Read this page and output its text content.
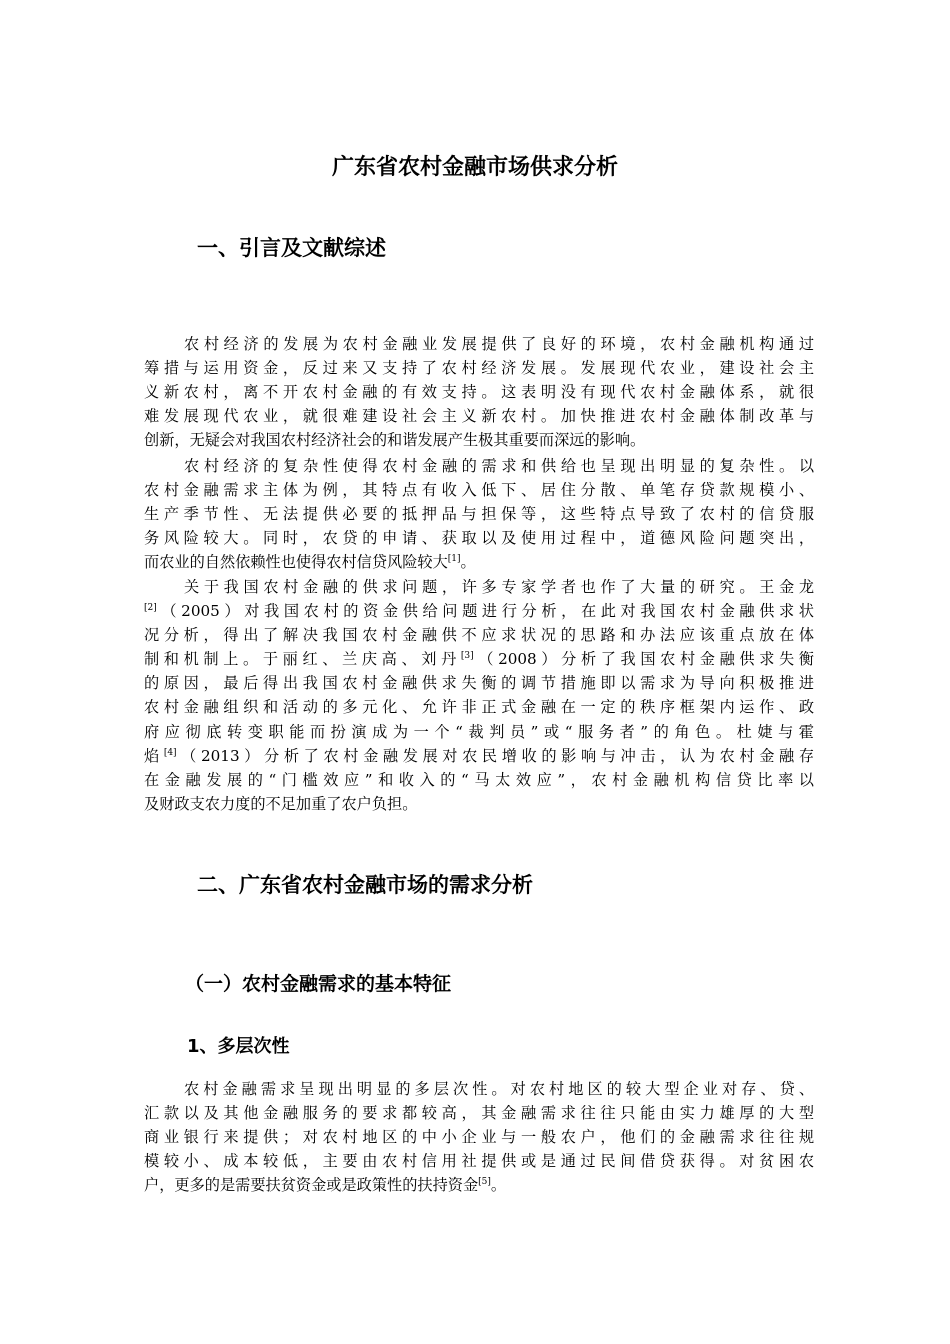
广东省农村金融市场供求分析
一、引言及文献综述
农村经济的发展为农村金融业发展提供了良好的环境，农村金融机构通过
筹措与运用资金，反过来又支持了农村经济发展。发展现代农业，建设社会主
义新农村，离不开农村金融的有效支持。这表明没有现代农村金融体系，就很
难发展现代农业，就很难建设社会主义新农村。加快推进农村金融体制改革与
创新，无疑会对我国农村经济社会的和谐发展产生极其重要而深远的影响。
农村经济的复杂性使得农村金融的需求和供给也呈现出明显的复杂性。以
农村金融需求主体为例，其特点有收入低下、居住分散、单笔存贷款规模小、
生产季节性、无法提供必要的抵押品与担保等，这些特点导致了农村的信贷服
务风险较大。同时，农贷的申请、获取以及使用过程中，道德风险问题突出，
而农业的自然依赖性也使得农村信贷风险较大[1]。
关于我国农村金融的供求问题，许多专家学者也作了大量的研究。王金龙
[2]（2005）对我国农村的资金供给问题进行分析，在此对我国农村金融供求状
况分析，得出了解决我国农村金融供不应求状况的思路和办法应该重点放在体
制和机制上。于丽红、兰庆高、刘丹[3]（2008）分析了我国农村金融供求失衡
的原因，最后得出我国农村金融供求失衡的调节措施即以需求为导向积极推进
农村金融组织和活动的多元化、允许非正式金融在一定的秩序框架内运作、政
府应彻底转变职能而扮演成为一个“裁判员”或“服务者”的角色。杜婕与霍
焰[4]（2013）分析了农村金融发展对农民增收的影响与冲击，认为农村金融存
在金融发展的“门槛效应”和收入的“马太效应”，农村金融机构信贷比率以
及财政支农力度的不足加重了农户负担。
二、广东省农村金融市场的需求分析
（一）农村金融需求的基本特征
1、多层次性
农村金融需求呈现出明显的多层次性。对农村地区的较大型企业对存、贷、
汇款以及其他金融服务的要求都较高，其金融需求往往只能由实力雄厚的大型
商业银行来提供；对农村地区的中小企业与一般农户，他们的金融需求往往规
模较小、成本较低，主要由农村信用社提供或是通过民间借贷获得。对贫困农
户，更多的是需要扶贫资金或是政策性的扶持资金[5]。
